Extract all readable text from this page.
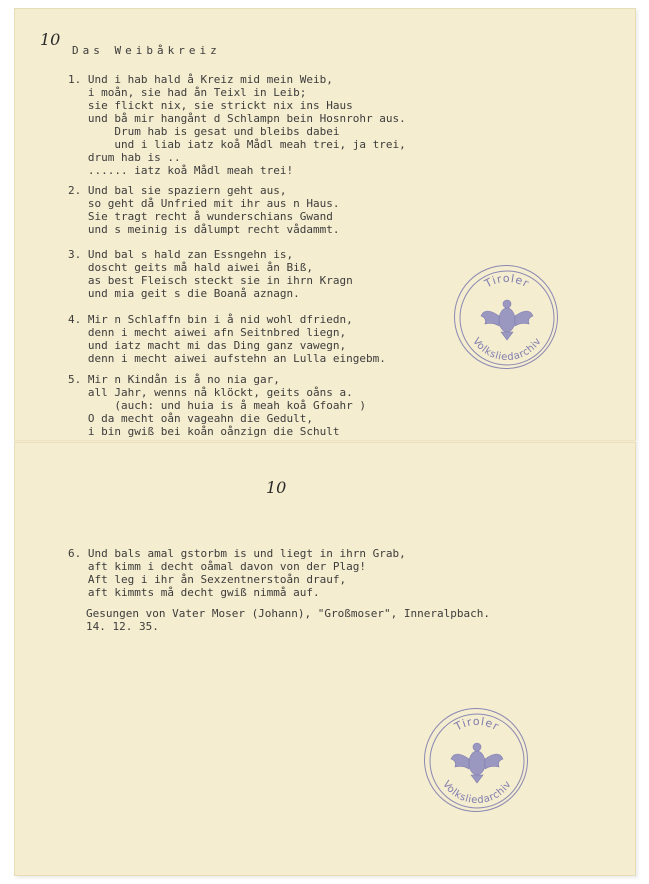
10
Das Weibåkreiz
1. Und i hab hald å Kreiz mid mein Weib,
i moån, sie had ån Teixl in Leib;
sie flickt nix, sie strickt nix ins Haus
und bå mir hangånt d Schlampn bein Hosnrohr aus.
Drum hab is gesat und bleibs dabei
und i liab iatz koå Mådl meah trei, ja trei,
drum hab is ..
...... iatz koå Mådl meah trei!
2. Und bal sie spaziern geht aus,
so geht då Unfried mit ihr aus n Haus.
Sie tragt recht å wunderschians Gwand
und s meinig is dålumpt recht vådammt.
3. Und bal s hald zan Essngehn is,
doscht geits må hald aiwei ån Biß,
as best Fleisch steckt sie in ihrn Kragn
und mia geit s die Boanå aznagn.
4. Mir n Schlaffn bin i å nid wohl dfriedn,
denn i mecht aiwei afn Seitnbred liegn,
und iatz macht mi das Ding ganz vawegn,
denn i mecht aiwei aufstehn an Lulla eingebm.
5. Mir n Kindån is å no nia gar,
all Jahr, wenns nå klöckt, geits oåns a.
(auch: und huia is å meah koå Gfoahr )
O da mecht oån vageahn die Gedult,
i bin gwiß bei koån oånzign die Schult
10
6. Und bals amal gstorbm is und liegt in ihrn Grab,
aft kimm i decht oåmal davon von der Plag!
Aft leg i ihr ån Sexzentnerstoån drauf,
aft kimmts må decht gwiß nimmå auf.
Gesungen von Vater Moser (Johann), "Großmoser", Inneralpbach.
14. 12. 35.
Tiroler
Volksliedarchiv
Tiroler
Volksliedarchiv
